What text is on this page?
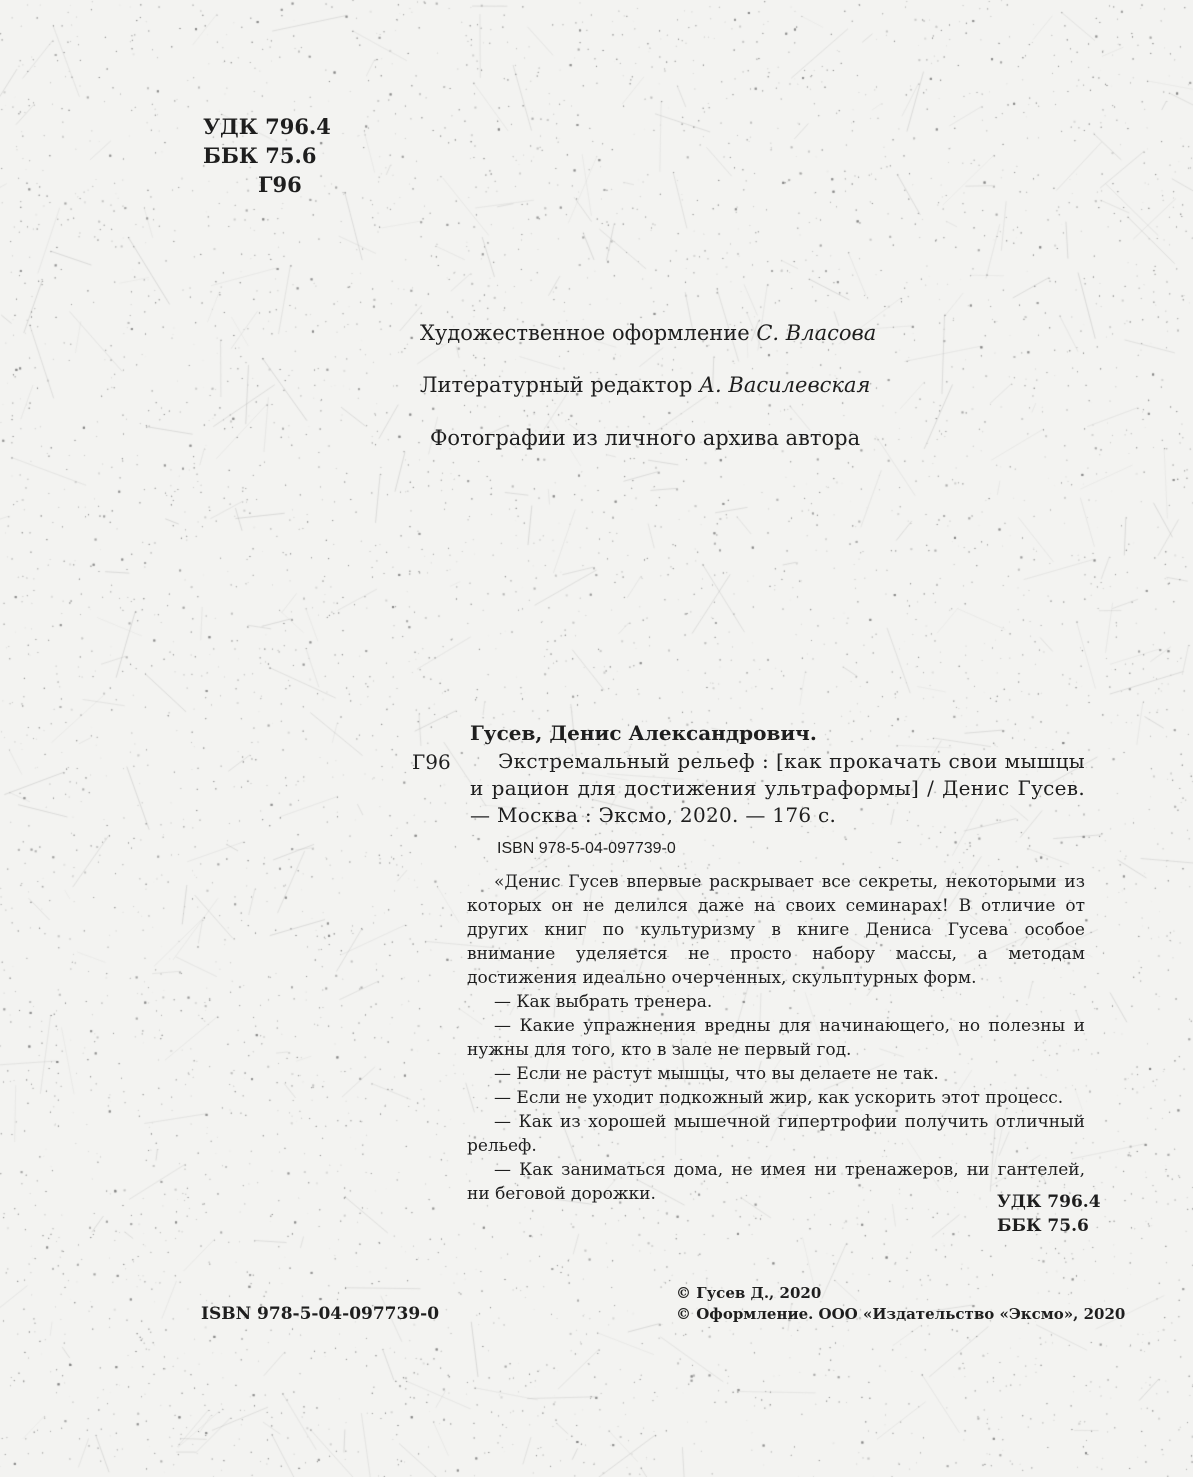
УДК 796.4
ББК 75.6
Г96
Художественное оформление С. Власова
Литературный редактор А. Василевская
Фотографии из личного архива автора
Гусев, Денис Александрович.
Г96	Экстремальный рельеф : [как прокачать свои мышцы и рацион для достижения ультраформы] / Денис Гусев. — Москва : Эксмо, 2020. — 176 с.
ISBN 978-5-04-097739-0

«Денис Гусев впервые раскрывает все секреты, некоторыми из которых он не делился даже на своих семинарах! В отличие от других книг по культуризму в книге Дениса Гусева особое внимание уделяется не просто набору массы, а методам достижения идеально очерченных, скульптурных форм.

— Как выбрать тренера.

— Какие упражнения вредны для начинающего, но полезны и нужны для того, кто в зале не первый год.

— Если не растут мышцы, что вы делаете не так.

— Если не уходит подкожный жир, как ускорить этот процесс.

— Как из хорошей мышечной гипертрофии получить отличный рельеф.

— Как заниматься дома, не имея ни тренажеров, ни гантелей, ни беговой дорожки.	УДК 796.4
ББК 75.6
ISBN 978-5-04-097739-0
© Гусев Д., 2020
© Оформление. ООО «Издательство «Эксмо», 2020
